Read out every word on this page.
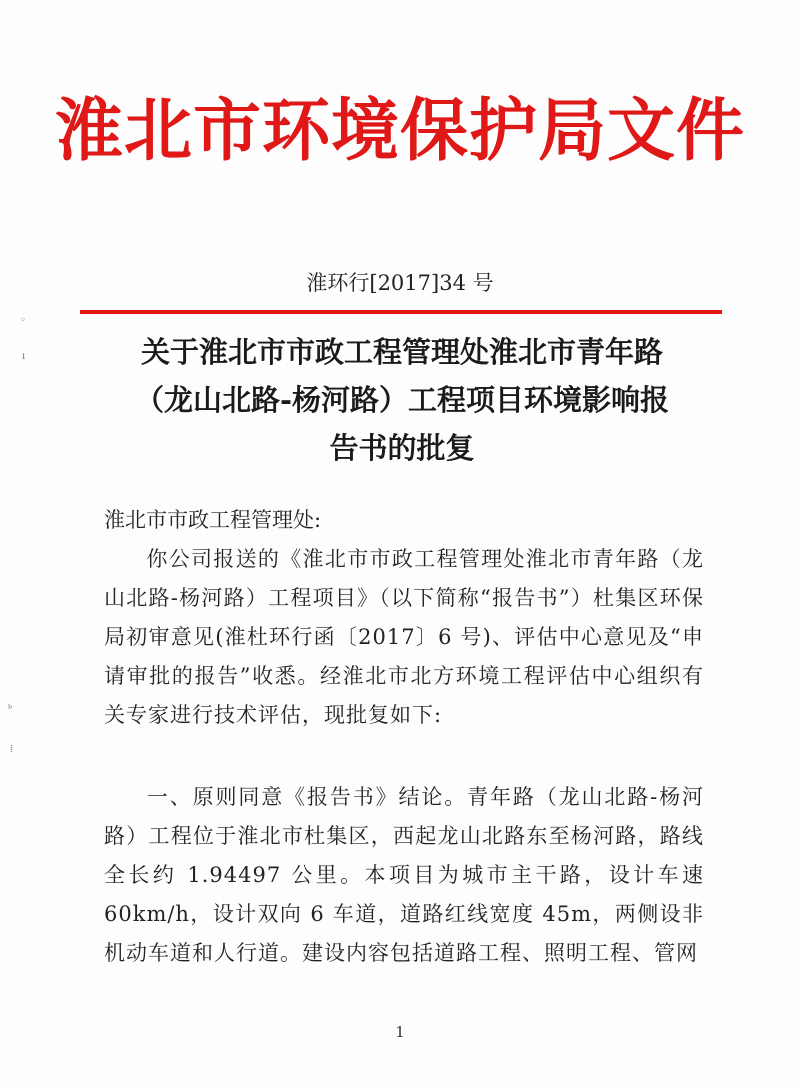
淮北市环境保护局文件
淮环行[2017]34 号
关于淮北市市政工程管理处淮北市青年路
（龙山北路-杨河路）工程项目环境影响报
告书的批复
淮北市市政工程管理处:
你公司报送的《淮北市市政工程管理处淮北市青年路（龙山北路-杨河路）工程项目》（以下简称“报告书”）杜集区环保局初审意见(淮杜环行函〔2017〕6 号)、评估中心意见及“申请审批的报告”收悉。经淮北市北方环境工程评估中心组织有关专家进行技术评估，现批复如下:
一、原则同意《报告书》结论。青年路（龙山北路-杨河路）工程位于淮北市杜集区，西起龙山北路东至杨河路，路线全长约 1.94497 公里。本项目为城市主干路，设计车速60km/h，设计双向 6 车道，道路红线宽度 45m，两侧设非机动车道和人行道。建设内容包括道路工程、照明工程、管网
1
◦
ı
ᵇ
⁞
